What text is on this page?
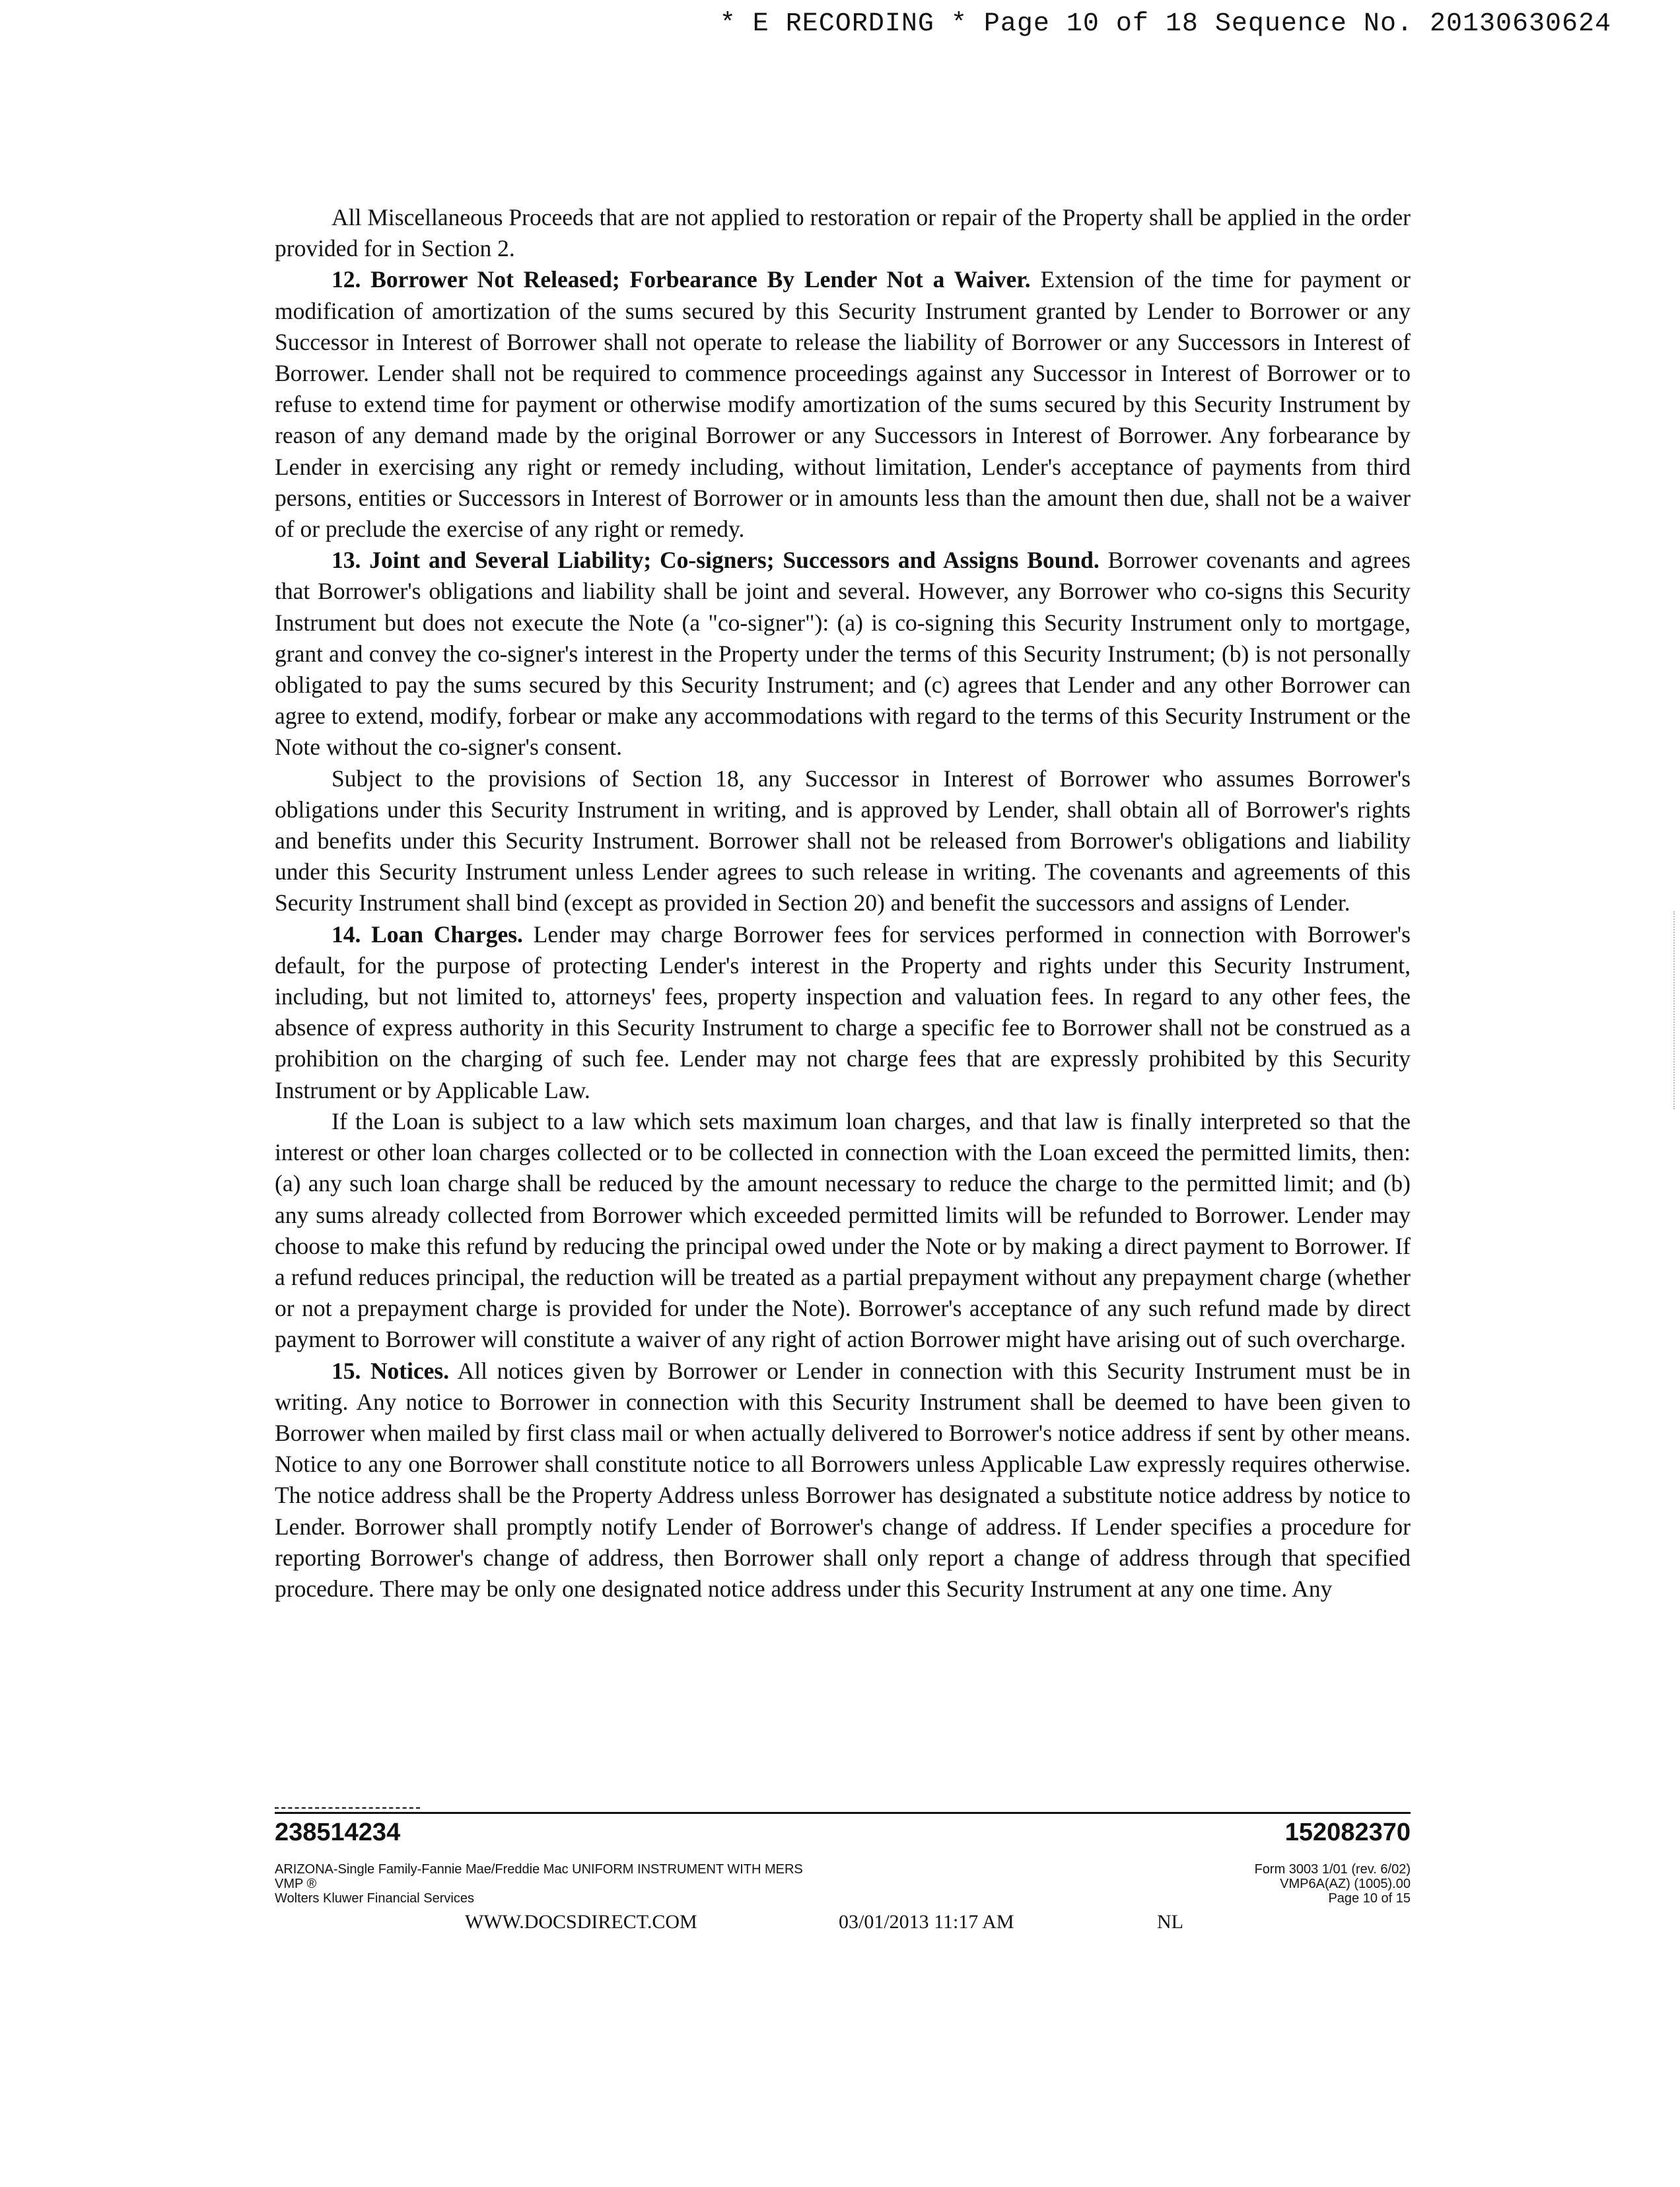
* E RECORDING * Page 10 of 18 Sequence No. 20130630624

All Miscellaneous Proceeds that are not applied to restoration or repair of the Property shall be applied in the order provided for in Section 2.

12. Borrower Not Released; Forbearance By Lender Not a Waiver. Extension of the time for payment or modification of amortization of the sums secured by this Security Instrument granted by Lender to Borrower or any Successor in Interest of Borrower shall not operate to release the liability of Borrower or any Successors in Interest of Borrower. Lender shall not be required to commence proceedings against any Successor in Interest of Borrower or to refuse to extend time for payment or otherwise modify amortization of the sums secured by this Security Instrument by reason of any demand made by the original Borrower or any Successors in Interest of Borrower. Any forbearance by Lender in exercising any right or remedy including, without limitation, Lender's acceptance of payments from third persons, entities or Successors in Interest of Borrower or in amounts less than the amount then due, shall not be a waiver of or preclude the exercise of any right or remedy.

13. Joint and Several Liability; Co-signers; Successors and Assigns Bound. Borrower covenants and agrees that Borrower's obligations and liability shall be joint and several. However, any Borrower who co-signs this Security Instrument but does not execute the Note (a "co-signer"): (a) is co-signing this Security Instrument only to mortgage, grant and convey the co-signer's interest in the Property under the terms of this Security Instrument; (b) is not personally obligated to pay the sums secured by this Security Instrument; and (c) agrees that Lender and any other Borrower can agree to extend, modify, forbear or make any accommodations with regard to the terms of this Security Instrument or the Note without the co-signer's consent.

Subject to the provisions of Section 18, any Successor in Interest of Borrower who assumes Borrower's obligations under this Security Instrument in writing, and is approved by Lender, shall obtain all of Borrower's rights and benefits under this Security Instrument. Borrower shall not be released from Borrower's obligations and liability under this Security Instrument unless Lender agrees to such release in writing. The covenants and agreements of this Security Instrument shall bind (except as provided in Section 20) and benefit the successors and assigns of Lender.

14. Loan Charges. Lender may charge Borrower fees for services performed in connection with Borrower's default, for the purpose of protecting Lender's interest in the Property and rights under this Security Instrument, including, but not limited to, attorneys' fees, property inspection and valuation fees. In regard to any other fees, the absence of express authority in this Security Instrument to charge a specific fee to Borrower shall not be construed as a prohibition on the charging of such fee. Lender may not charge fees that are expressly prohibited by this Security Instrument or by Applicable Law.

If the Loan is subject to a law which sets maximum loan charges, and that law is finally interpreted so that the interest or other loan charges collected or to be collected in connection with the Loan exceed the permitted limits, then: (a) any such loan charge shall be reduced by the amount necessary to reduce the charge to the permitted limit; and (b) any sums already collected from Borrower which exceeded permitted limits will be refunded to Borrower. Lender may choose to make this refund by reducing the principal owed under the Note or by making a direct payment to Borrower. If a refund reduces principal, the reduction will be treated as a partial prepayment without any prepayment charge (whether or not a prepayment charge is provided for under the Note). Borrower's acceptance of any such refund made by direct payment to Borrower will constitute a waiver of any right of action Borrower might have arising out of such overcharge.

15. Notices. All notices given by Borrower or Lender in connection with this Security Instrument must be in writing. Any notice to Borrower in connection with this Security Instrument shall be deemed to have been given to Borrower when mailed by first class mail or when actually delivered to Borrower's notice address if sent by other means. Notice to any one Borrower shall constitute notice to all Borrowers unless Applicable Law expressly requires otherwise. The notice address shall be the Property Address unless Borrower has designated a substitute notice address by notice to Lender. Borrower shall promptly notify Lender of Borrower's change of address. If Lender specifies a procedure for reporting Borrower's change of address, then Borrower shall only report a change of address through that specified procedure. There may be only one designated notice address under this Security Instrument at any one time. Any

238514234	152082370
ARIZONA-Single Family-Fannie Mae/Freddie Mac UNIFORM INSTRUMENT WITH MERS
VMP ®
Wolters Kluwer Financial Services
Form 3003 1/01 (rev. 6/02)
VMP6A(AZ) (1005).00
Page 10 of 15
WWW.DOCSDIRECT.COM	03/01/2013 11:17 AM	NL
